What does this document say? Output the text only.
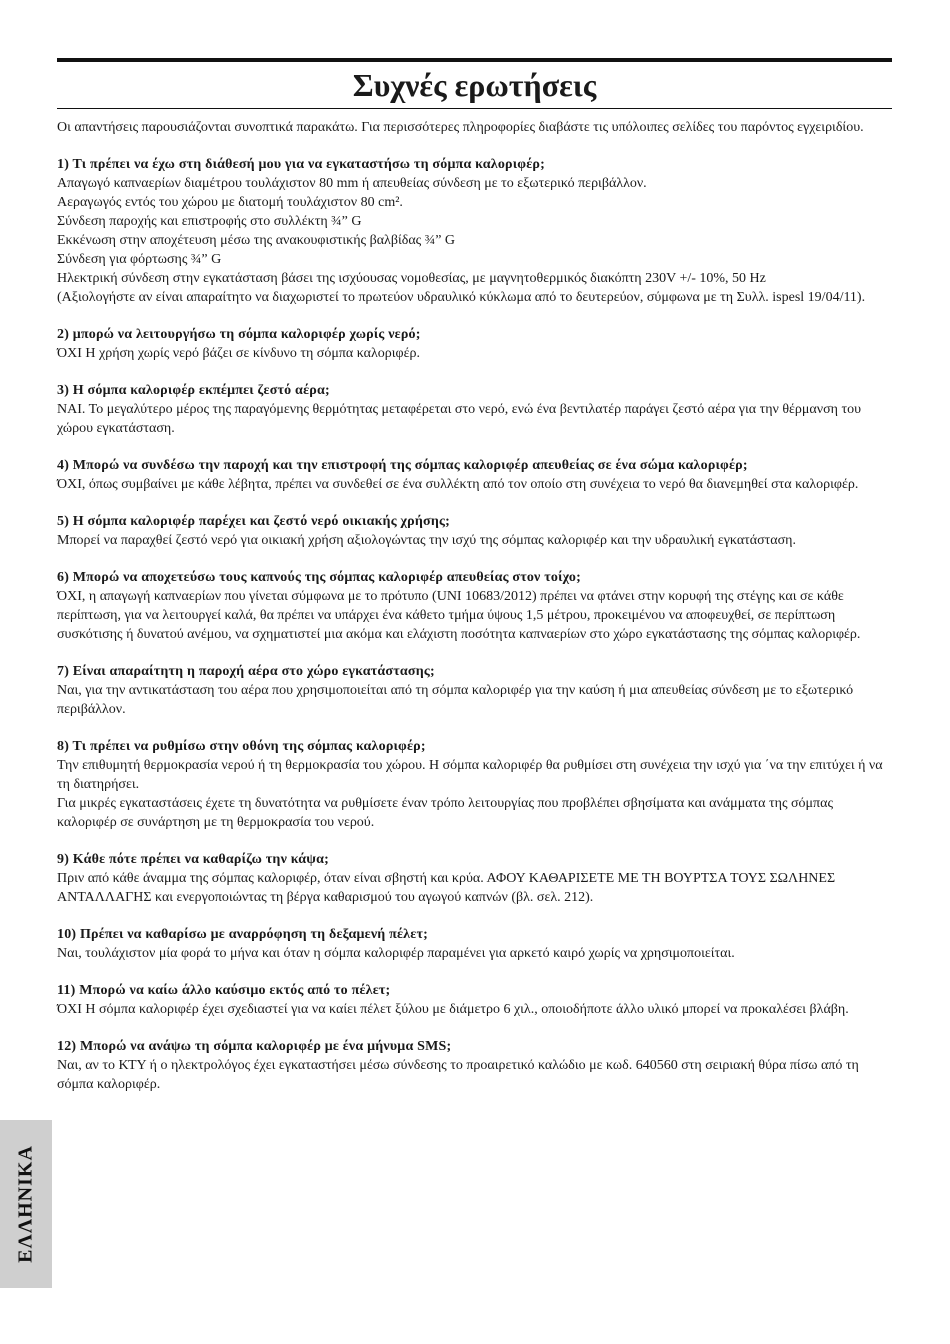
Συχνές ερωτήσεις

Οι απαντήσεις παρουσιάζονται συνοπτικά παρακάτω. Για περισσότερες πληροφορίες διαβάστε τις υπόλοιπες σελίδες του παρόντος εγχειριδίου.

1) Τι πρέπει να έχω στη διάθεσή μου για να εγκαταστήσω τη σόμπα καλοριφέρ;

Απαγωγό καπναερίων διαμέτρου τουλάχιστον 80 mm ή απευθείας σύνδεση με το εξωτερικό περιβάλλον.

Αεραγωγός εντός του χώρου με διατομή τουλάχιστον 80 cm².

Σύνδεση παροχής και επιστροφής στο συλλέκτη ¾” G

Εκκένωση στην αποχέτευση μέσω της ανακουφιστικής βαλβίδας ¾” G

Σύνδεση για φόρτωσης ¾” G

Ηλεκτρική σύνδεση στην εγκατάσταση βάσει της ισχύουσας νομοθεσίας, με μαγνητοθερμικός διακόπτη 230V +/- 10%, 50 Hz

(Αξιολογήστε αν είναι απαραίτητο να διαχωριστεί το πρωτεύον υδραυλικό κύκλωμα από το δευτερεύον, σύμφωνα με τη Συλλ. ispesl 19/04/11).

2) μπορώ να λειτουργήσω τη σόμπα καλοριφέρ χωρίς νερό;

ΌΧΙ Η χρήση χωρίς νερό βάζει σε κίνδυνο τη σόμπα καλοριφέρ.

3) Η σόμπα καλοριφέρ εκπέμπει ζεστό αέρα;

ΝΑΙ. Το μεγαλύτερο μέρος της παραγόμενης θερμότητας μεταφέρεται στο νερό, ενώ ένα βεντιλατέρ παράγει ζεστό αέρα για την θέρμανση του χώρου εγκατάσταση.

4) Μπορώ να συνδέσω την παροχή και την επιστροφή της σόμπας καλοριφέρ απευθείας σε ένα σώμα καλοριφέρ;

ΌΧΙ, όπως συμβαίνει με κάθε λέβητα, πρέπει να συνδεθεί σε ένα συλλέκτη από τον οποίο στη συνέχεια το νερό θα διανεμηθεί στα καλοριφέρ.

5) Η σόμπα καλοριφέρ παρέχει και ζεστό νερό οικιακής χρήσης;

Μπορεί να παραχθεί ζεστό νερό για οικιακή χρήση αξιολογώντας την ισχύ της σόμπας καλοριφέρ και την υδραυλική εγκατάσταση.

6) Μπορώ να αποχετεύσω τους καπνούς της σόμπας καλοριφέρ απευθείας στον τοίχο;

ΌΧΙ, η απαγωγή καπναερίων που γίνεται σύμφωνα με το πρότυπο (UNI 10683/2012) πρέπει να φτάνει στην κορυφή της στέγης και σε κάθε περίπτωση, για να λειτουργεί καλά, θα πρέπει να υπάρχει ένα κάθετο τμήμα ύψους 1,5 μέτρου, προκειμένου να αποφευχθεί, σε περίπτωση συσκότισης ή δυνατού ανέμου, να σχηματιστεί μια ακόμα και ελάχιστη ποσότητα καπναερίων στο χώρο εγκατάστασης της σόμπας καλοριφέρ.

7) Είναι απαραίτητη η παροχή αέρα στο χώρο εγκατάστασης;

Ναι, για την αντικατάσταση του αέρα που χρησιμοποιείται από τη σόμπα καλοριφέρ για την καύση ή μια απευθείας σύνδεση με το εξωτερικό περιβάλλον.

8) Τι πρέπει να ρυθμίσω στην οθόνη της σόμπας καλοριφέρ;

Την επιθυμητή θερμοκρασία νερού ή τη θερμοκρασία του χώρου. Η σόμπα καλοριφέρ θα ρυθμίσει στη συνέχεια την ισχύ για ΄να την επιτύχει ή να τη διατηρήσει.

Για μικρές εγκαταστάσεις έχετε τη δυνατότητα να ρυθμίσετε έναν τρόπο λειτουργίας που προβλέπει σβησίματα και ανάμματα της σόμπας καλοριφέρ σε συνάρτηση με τη θερμοκρασία του νερού.

9) Κάθε πότε πρέπει να καθαρίζω την κάψα;

Πριν από κάθε άναμμα της σόμπας καλοριφέρ, όταν είναι σβηστή και κρύα. ΑΦΟΥ ΚΑΘΑΡΙΣΕΤΕ ΜΕ ΤΗ ΒΟΥΡΤΣΑ ΤΟΥΣ ΣΩΛΗΝΕΣ ΑΝΤΑΛΛΑΓΗΣ και ενεργοποιώντας τη βέργα καθαρισμού του αγωγού καπνών (βλ. σελ. 212).

10) Πρέπει να καθαρίσω με αναρρόφηση τη δεξαμενή πέλετ;

Ναι, τουλάχιστον μία φορά το μήνα και όταν η σόμπα καλοριφέρ παραμένει για αρκετό καιρό χωρίς να χρησιμοποιείται.

11) Μπορώ να καίω άλλο καύσιμο εκτός από το πέλετ;

ΌΧΙ Η σόμπα καλοριφέρ έχει σχεδιαστεί για να καίει πέλετ ξύλου με διάμετρο 6 χιλ., οποιοδήποτε άλλο υλικό μπορεί να προκαλέσει βλάβη.

12) Μπορώ να ανάψω τη σόμπα καλοριφέρ με ένα μήνυμα SMS;

Ναι, αν το ΚΤΥ ή ο ηλεκτρολόγος έχει εγκαταστήσει μέσω σύνδεσης το προαιρετικό καλώδιο με κωδ. 640560 στη σειριακή θύρα πίσω από τη σόμπα καλοριφέρ.

ΕΛΛΗΝΙΚΑ
